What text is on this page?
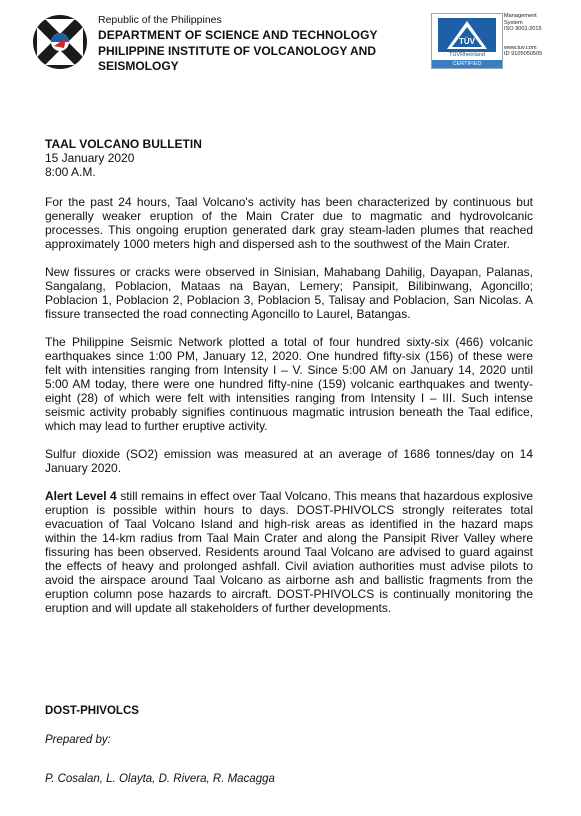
Republic of the Philippines
DEPARTMENT OF SCIENCE AND TECHNOLOGY
PHILIPPINE INSTITUTE OF VOLCANOLOGY AND SEISMOLOGY
TÜV
TÜVRheinland
CERTIFIED
Management
System
ISO 9001:2015
www.tuv.com
ID 9105050505
TAAL VOLCANO BULLETIN
15 January 2020
8:00 A.M.

For the past 24 hours, Taal Volcano's activity has been characterized by continuous but generally weaker eruption of the Main Crater due to magmatic and hydrovolcanic processes. This ongoing eruption generated dark gray steam-laden plumes that reached approximately 1000 meters high and dispersed ash to the southwest of the Main Crater.

New fissures or cracks were observed in Sinisian, Mahabang Dahilig, Dayapan, Palanas, Sangalang, Poblacion, Mataas na Bayan, Lemery; Pansipit, Bilibinwang, Agoncillo; Poblacion 1, Poblacion 2, Poblacion 3, Poblacion 5, Talisay and Poblacion, San Nicolas. A fissure transected the road connecting Agoncillo to Laurel, Batangas.

The Philippine Seismic Network plotted a total of four hundred sixty-six (466) volcanic earthquakes since 1:00 PM, January 12, 2020. One hundred fifty-six (156) of these were felt with intensities ranging from Intensity I – V. Since 5:00 AM on January 14, 2020 until 5:00 AM today, there were one hundred fifty-nine (159) volcanic earthquakes and twenty-eight (28) of which were felt with intensities ranging from Intensity I – III. Such intense seismic activity probably signifies continuous magmatic intrusion beneath the Taal edifice, which may lead to further eruptive activity.

Sulfur dioxide (SO2) emission was measured at an average of 1686 tonnes/day on 14 January 2020.

Alert Level 4 still remains in effect over Taal Volcano. This means that hazardous explosive eruption is possible within hours to days. DOST-PHIVOLCS strongly reiterates total evacuation of Taal Volcano Island and high-risk areas as identified in the hazard maps within the 14-km radius from Taal Main Crater and along the Pansipit River Valley where fissuring has been observed. Residents around Taal Volcano are advised to guard against the effects of heavy and prolonged ashfall. Civil aviation authorities must advise pilots to avoid the airspace around Taal Volcano as airborne ash and ballistic fragments from the eruption column pose hazards to aircraft. DOST-PHIVOLCS is continually monitoring the eruption and will update all stakeholders of further developments.

DOST-PHIVOLCS
Prepared by:
P. Cosalan, L. Olayta, D. Rivera, R. Macagga
